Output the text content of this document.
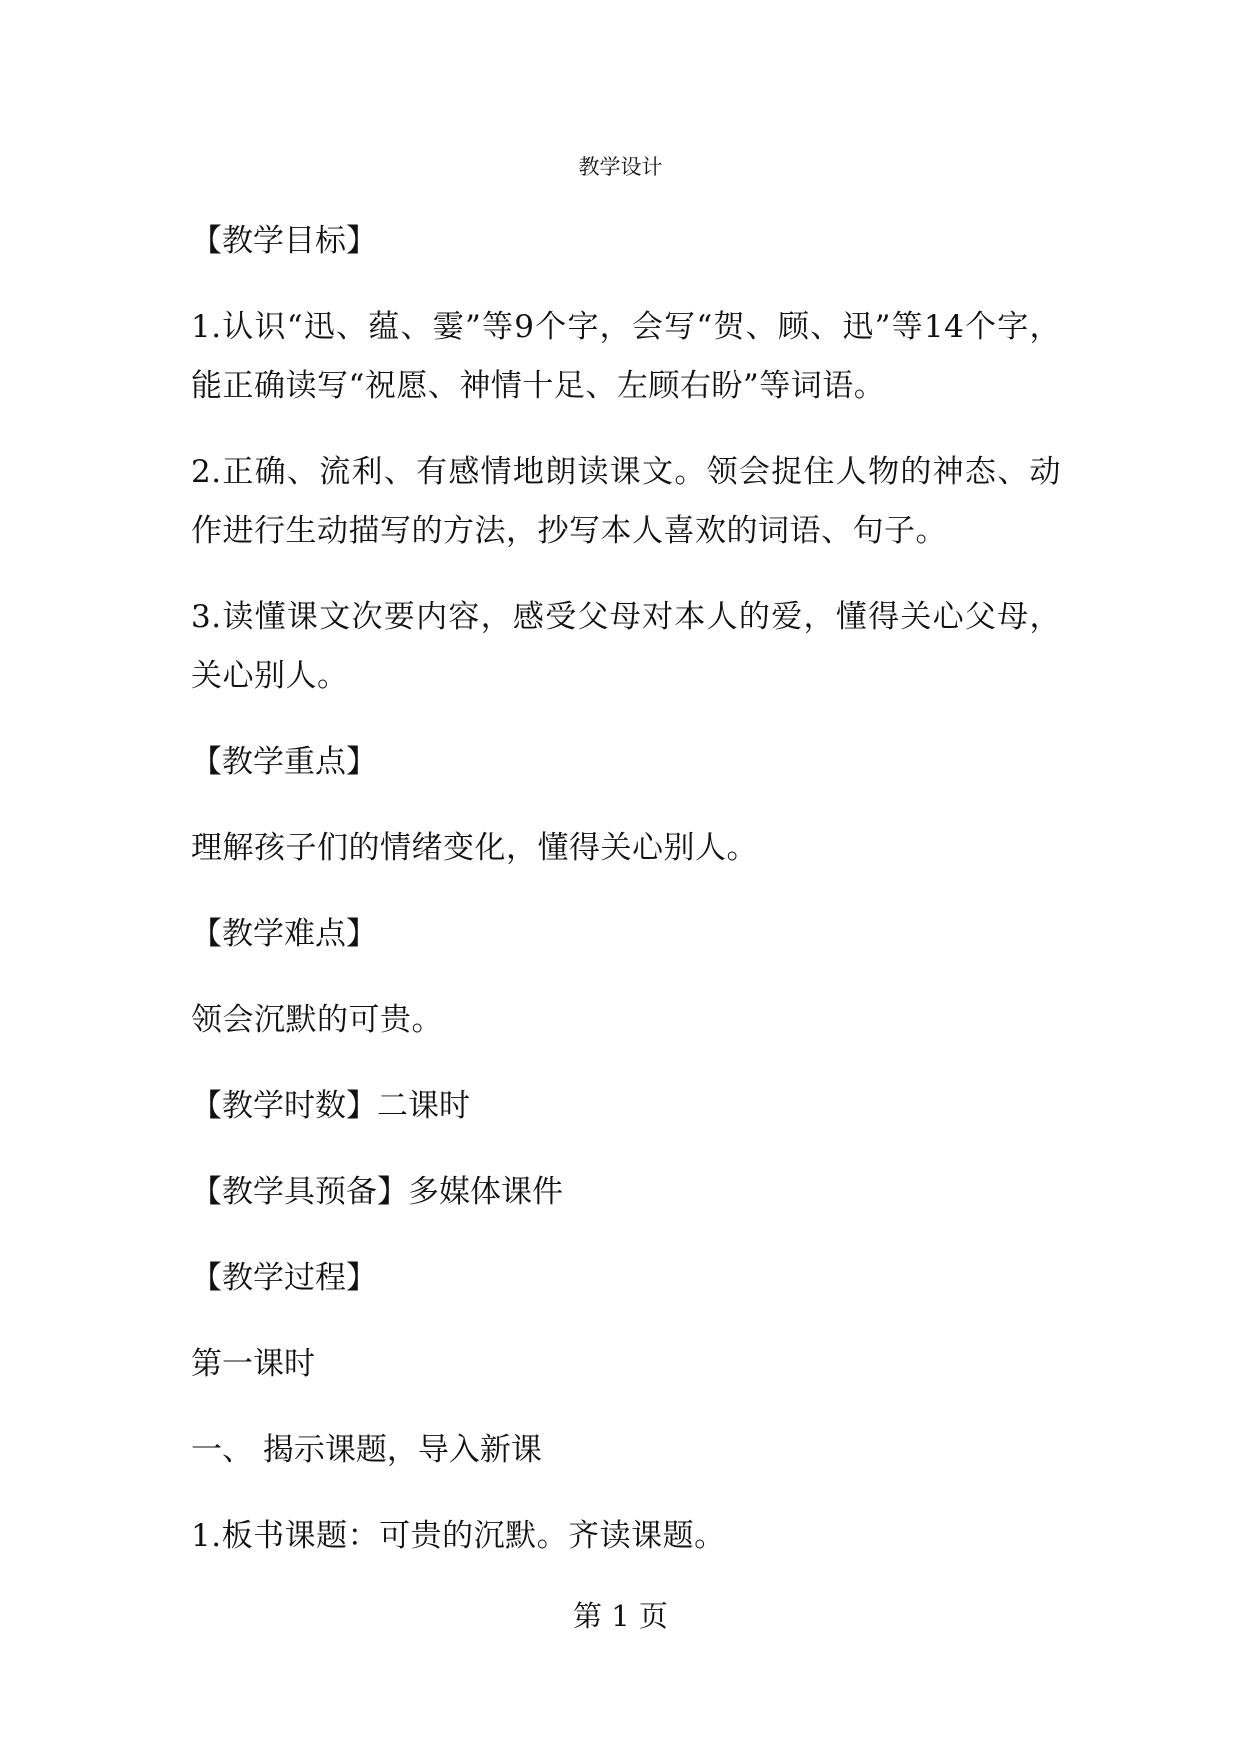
教学设计

【教学目标】

1.认识“迅、蕴、霎”等9个字，会写“贺、顾、迅”等14个字，能正确读写“祝愿、神情十足、左顾右盼”等词语。

2.正确、流利、有感情地朗读课文。领会捉住人物的神态、动作进行生动描写的方法，抄写本人喜欢的词语、句子。

3.读懂课文次要内容，感受父母对本人的爱，懂得关心父母， 关心别人。

【教学重点】

理解孩子们的情绪变化，懂得关心别人。

【教学难点】

领会沉默的可贵。

【教学时数】二课时

【教学具预备】多媒体课件

【教学过程】

第一课时

一、 揭示课题，导入新课

1.板书课题：可贵的沉默。齐读课题。

第 1 页
